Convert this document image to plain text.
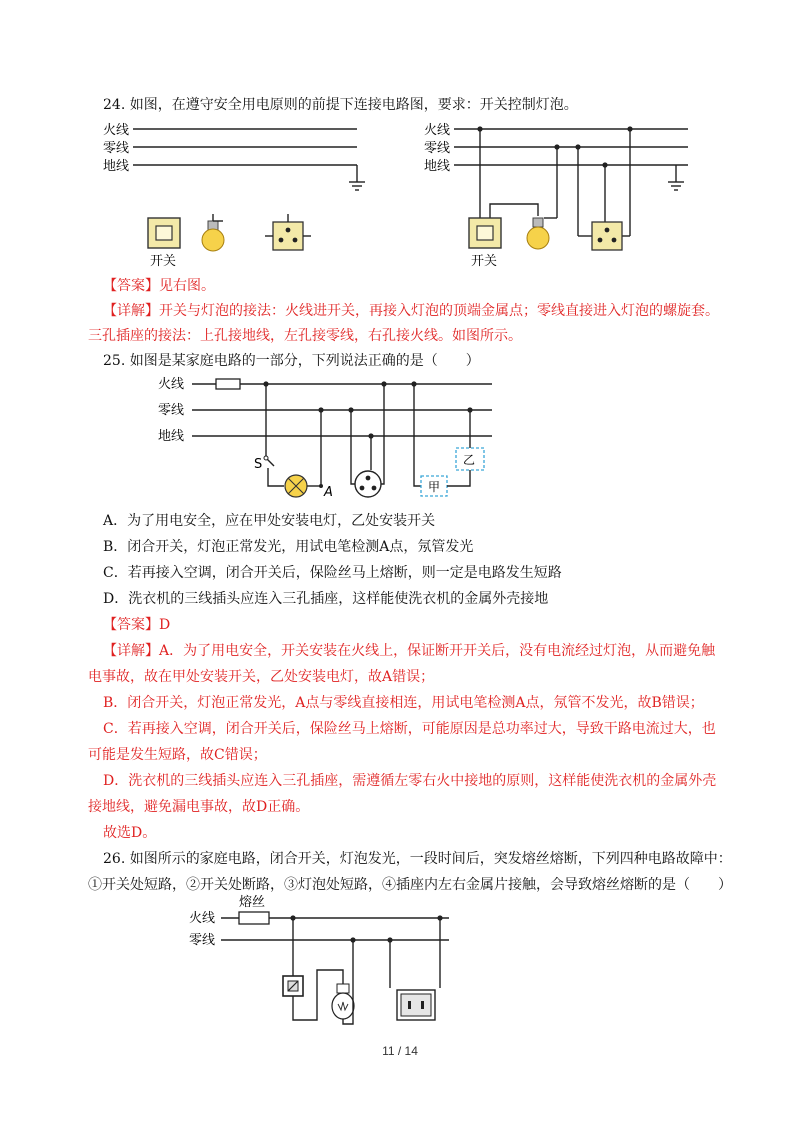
24. 如图，在遵守安全用电原则的前提下连接电路图，要求：开关控制灯泡。
火线
零线
地线
开关
火线
零线
地线
开关
【答案】见右图。
【详解】开关与灯泡的接法：火线进开关，再接入灯泡的顶端金属点；零线直接进入灯泡的螺旋套。
三孔插座的接法：上孔接地线，左孔接零线，右孔接火线。如图所示。
25. 如图是某家庭电路的一部分，下列说法正确的是（　　）
火线
零线
地线
S
A	甲
乙
A．为了用电安全，应在甲处安装电灯，乙处安装开关
B．闭合开关，灯泡正常发光，用试电笔检测A点，氖管发光
C．若再接入空调，闭合开关后，保险丝马上熔断，则一定是电路发生短路
D．洗衣机的三线插头应连入三孔插座，这样能使洗衣机的金属外壳接地
【答案】D
【详解】A．为了用电安全，开关安装在火线上，保证断开开关后，没有电流经过灯泡，从而避免触
电事故，故在甲处安装开关，乙处安装电灯，故A错误；
B．闭合开关，灯泡正常发光，A点与零线直接相连，用试电笔检测A点，氖管不发光，故B错误；
C．若再接入空调，闭合开关后，保险丝马上熔断，可能原因是总功率过大，导致干路电流过大，也
可能是发生短路，故C错误；
D．洗衣机的三线插头应连入三孔插座，需遵循左零右火中接地的原则，这样能使洗衣机的金属外壳
接地线，避免漏电事故，故D正确。
故选D。
26. 如图所示的家庭电路，闭合开关，灯泡发光，一段时间后，突发熔丝熔断，下列四种电路故障中：
①开关处短路，②开关处断路，③灯泡处短路，④插座内左右金属片接触，会导致熔丝熔断的是（　　）
熔丝
火线
零线
11 / 14
